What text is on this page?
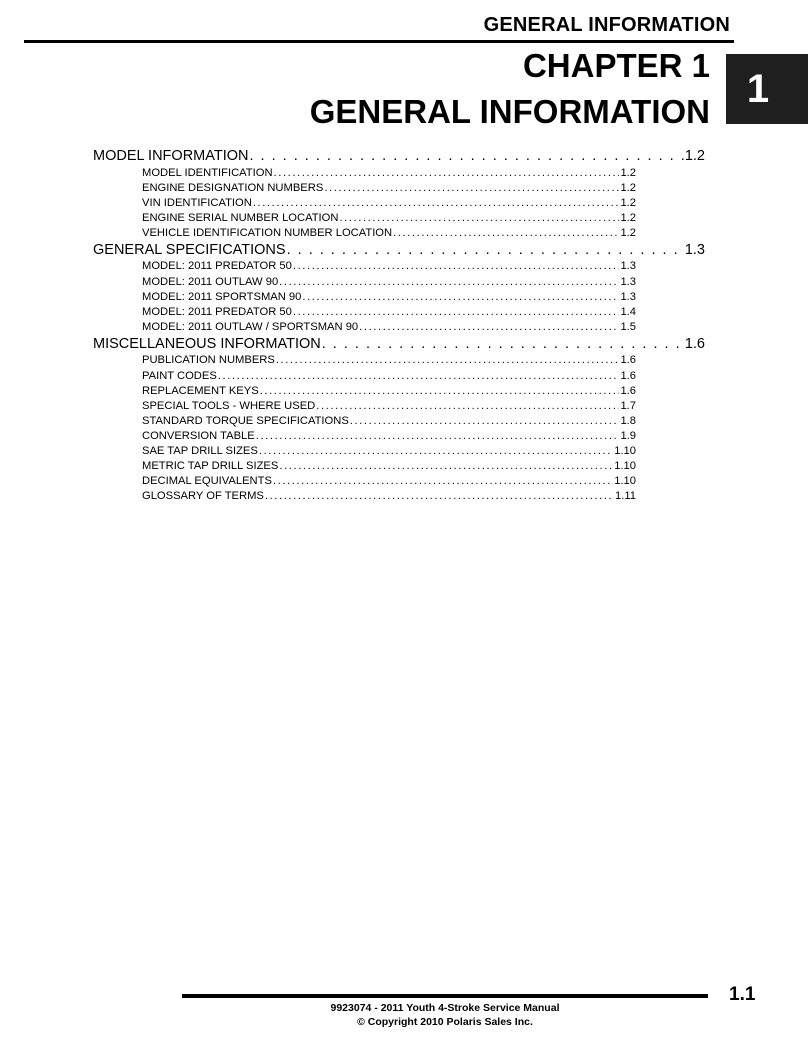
GENERAL INFORMATION
CHAPTER 1
GENERAL INFORMATION
1
MODEL INFORMATION . . .	1.2
MODEL IDENTIFICATION .....	1.2
ENGINE DESIGNATION NUMBERS .....	1.2
VIN IDENTIFICATION .....	1.2
ENGINE SERIAL NUMBER LOCATION .....	1.2
VEHICLE IDENTIFICATION NUMBER LOCATION .....	1.2
GENERAL SPECIFICATIONS . . .	1.3
MODEL: 2011 PREDATOR 50 .....	1.3
MODEL: 2011 OUTLAW 90 .....	1.3
MODEL: 2011 SPORTSMAN 90 .....	1.3
MODEL: 2011 PREDATOR 50 .....	1.4
MODEL: 2011 OUTLAW / SPORTSMAN 90 .....	1.5
MISCELLANEOUS INFORMATION . . .	1.6
PUBLICATION NUMBERS .....	1.6
PAINT CODES .....	1.6
REPLACEMENT KEYS .....	1.6
SPECIAL TOOLS - WHERE USED .....	1.7
STANDARD TORQUE SPECIFICATIONS .....	1.8
CONVERSION TABLE .....	1.9
SAE TAP DRILL SIZES .....	1.10
METRIC TAP DRILL SIZES .....	1.10
DECIMAL EQUIVALENTS .....	1.10
GLOSSARY OF TERMS .....	1.11
1.1
9923074 - 2011 Youth 4-Stroke Service Manual
© Copyright 2010 Polaris Sales Inc.
